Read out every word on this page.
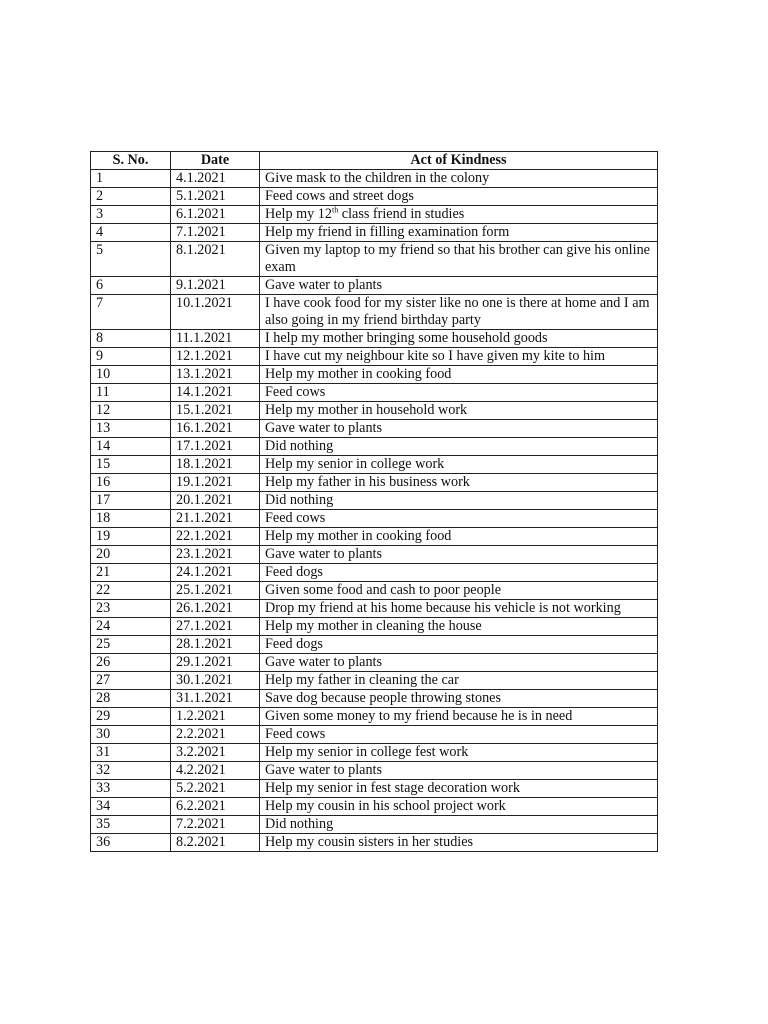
S. No.	Date	Act of Kindness
1	4.1.2021	Give mask to the children in the colony
2	5.1.2021	Feed cows and street dogs
3	6.1.2021	Help my 12th class friend in studies
4	7.1.2021	Help my friend in filling examination form
5	8.1.2021	Given my laptop to my friend so that his brother can give his online exam
6	9.1.2021	Gave water to plants
7	10.1.2021	I have cook food for my sister like no one is there at home and I am also going in my friend birthday party
8	11.1.2021	I help my mother bringing some household goods
9	12.1.2021	I have cut my neighbour kite so I have given my kite to him
10	13.1.2021	Help my mother in cooking food
11	14.1.2021	Feed cows
12	15.1.2021	Help my mother in household work
13	16.1.2021	Gave water to plants
14	17.1.2021	Did nothing
15	18.1.2021	Help my senior in college work
16	19.1.2021	Help my father in his business work
17	20.1.2021	Did nothing
18	21.1.2021	Feed cows
19	22.1.2021	Help my mother in cooking food
20	23.1.2021	Gave water to plants
21	24.1.2021	Feed dogs
22	25.1.2021	Given some food and cash to poor people
23	26.1.2021	Drop my friend at his home because his vehicle is not working
24	27.1.2021	Help my mother in cleaning the house
25	28.1.2021	Feed dogs
26	29.1.2021	Gave water to plants
27	30.1.2021	Help my father in cleaning the car
28	31.1.2021	Save dog because people throwing stones
29	1.2.2021	Given some money to my friend because he is in need
30	2.2.2021	Feed cows
31	3.2.2021	Help my senior in college fest work
32	4.2.2021	Gave water to plants
33	5.2.2021	Help my senior in fest stage decoration work
34	6.2.2021	Help my cousin in his school project work
35	7.2.2021	Did nothing
36	8.2.2021	Help my cousin sisters in her studies
